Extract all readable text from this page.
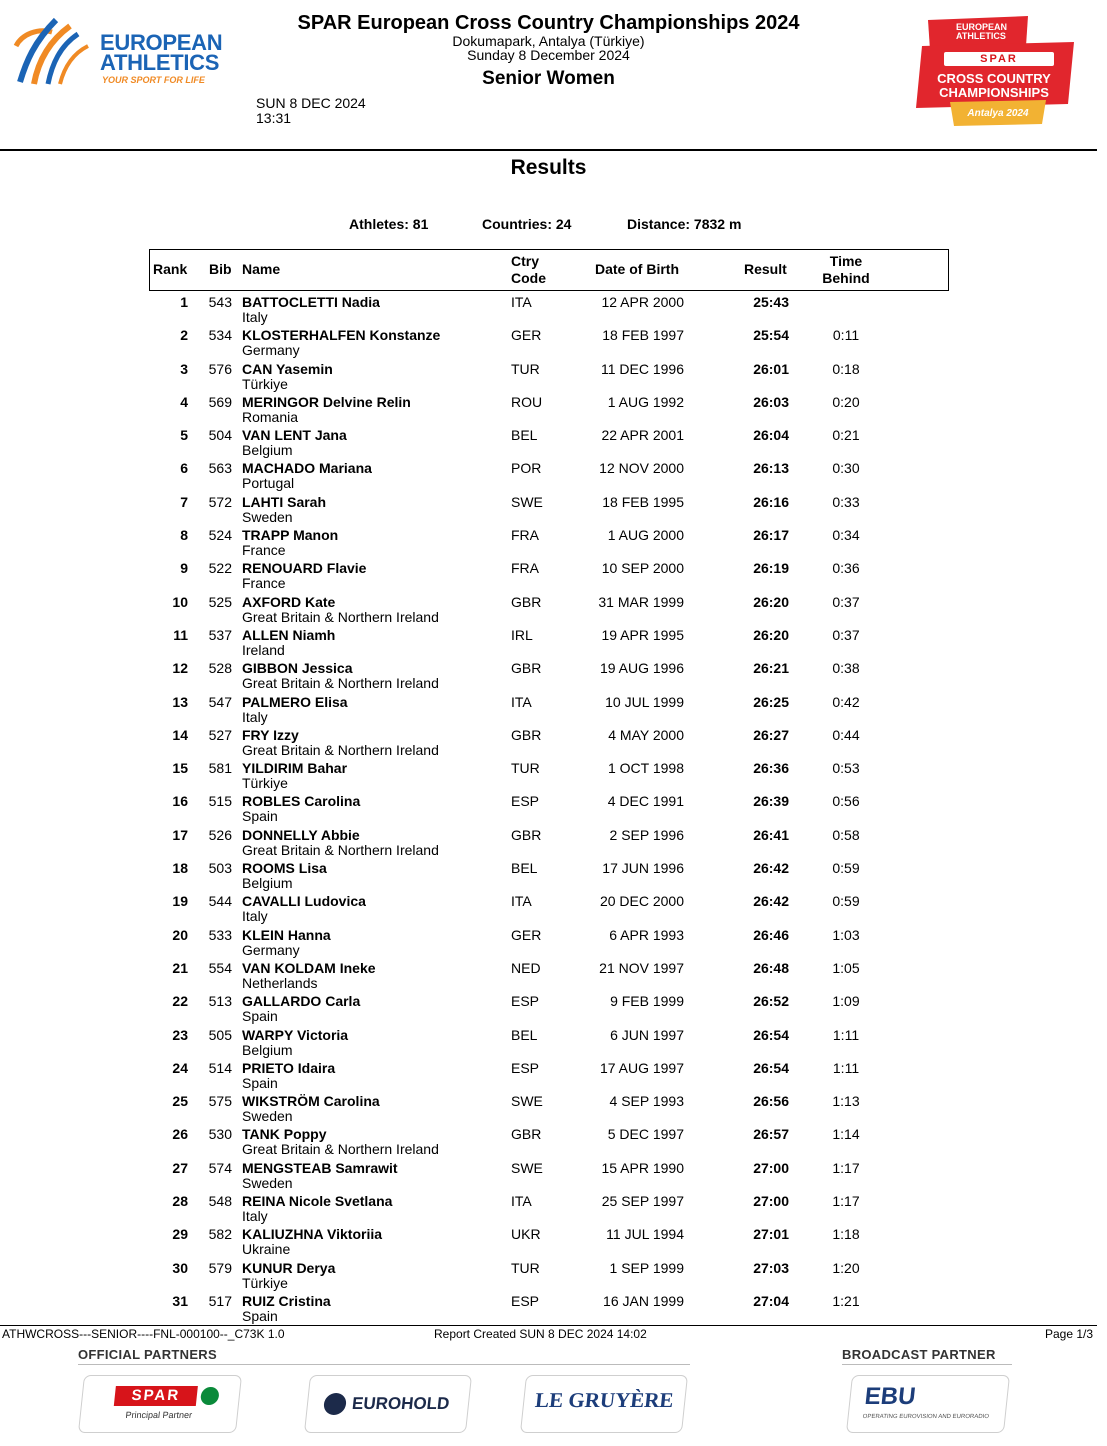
EUROPEAN
ATHLETICS
YOUR SPORT FOR LIFE
SPAR European Cross Country Championships 2024
Dokumapark, Antalya (Türkiye)
Sunday 8 December 2024
Senior Women
SUN 8 DEC 2024
13:31
EUROPEAN
ATHLETICS
SPAR
CROSS COUNTRY
CHAMPIONSHIPS
Antalya 2024
Results
Athletes: 81	Countries: 24	Distance: 7832 m
Rank Bib Name	Ctry
Code
Date of Birth	Result	Time
Behind
1 543 BATTOCLETTI Nadia
Italy
ITA	12 APR 2000	25:43
2 534 KLOSTERHALFEN Konstanze
Germany
GER	18 FEB 1997	25:54	0:11
3 576 CAN Yasemin
Türkiye
TUR	11 DEC 1996	26:01	0:18
4 569 MERINGOR Delvine Relin
Romania
ROU	1 AUG 1992	26:03	0:20
5 504 VAN LENT Jana
Belgium
BEL	22 APR 2001	26:04	0:21
6 563 MACHADO Mariana
Portugal
POR	12 NOV 2000	26:13	0:30
7 572 LAHTI Sarah
Sweden
SWE	18 FEB 1995	26:16	0:33
8 524 TRAPP Manon
France
FRA	1 AUG 2000	26:17	0:34
9 522 RENOUARD Flavie
France
FRA	10 SEP 2000	26:19	0:36
10 525 AXFORD Kate
Great Britain & Northern Ireland
GBR	31 MAR 1999	26:20	0:37
11 537 ALLEN Niamh
Ireland
IRL	19 APR 1995	26:20	0:37
12 528 GIBBON Jessica
Great Britain & Northern Ireland
GBR	19 AUG 1996	26:21	0:38
13 547 PALMERO Elisa
Italy
ITA	10 JUL 1999	26:25	0:42
14 527 FRY Izzy
Great Britain & Northern Ireland
GBR	4 MAY 2000	26:27	0:44
15 581 YILDIRIM Bahar
Türkiye
TUR	1 OCT 1998	26:36	0:53
16 515 ROBLES Carolina
Spain
ESP	4 DEC 1991	26:39	0:56
17 526 DONNELLY Abbie
Great Britain & Northern Ireland
GBR	2 SEP 1996	26:41	0:58
18 503 ROOMS Lisa
Belgium
BEL	17 JUN 1996	26:42	0:59
19 544 CAVALLI Ludovica
Italy
ITA	20 DEC 2000	26:42	0:59
20 533 KLEIN Hanna
Germany
GER	6 APR 1993	26:46	1:03
21 554 VAN KOLDAM Ineke
Netherlands
NED	21 NOV 1997	26:48	1:05
22 513 GALLARDO Carla
Spain
ESP	9 FEB 1999	26:52	1:09
23 505 WARPY Victoria
Belgium
BEL	6 JUN 1997	26:54	1:11
24 514 PRIETO Idaira
Spain
ESP	17 AUG 1997	26:54	1:11
25 575 WIKSTRÖM Carolina
Sweden
SWE	4 SEP 1993	26:56	1:13
26 530 TANK Poppy
Great Britain & Northern Ireland
GBR	5 DEC 1997	26:57	1:14
27 574 MENGSTEAB Samrawit
Sweden
SWE	15 APR 1990	27:00	1:17
28 548 REINA Nicole Svetlana
Italy
ITA	25 SEP 1997	27:00	1:17
29 582 KALIUZHNA Viktoriia
Ukraine
UKR	11 JUL 1994	27:01	1:18
30 579 KUNUR Derya
Türkiye
TUR	1 SEP 1999	27:03	1:20
31 517 RUIZ Cristina
Spain
ESP	16 JAN 1999	27:04	1:21
ATHWCROSS---SENIOR----FNL-000100--_C73K 1.0	Report Created SUN 8 DEC 2024 14:02	Page 1/3
OFFICIAL PARTNERS	BROADCAST PARTNER
SPAR
Principal Partner
EUROHOLD	LE GRUYÈRE	EBU
OPERATING EUROVISION AND EURORADIO
